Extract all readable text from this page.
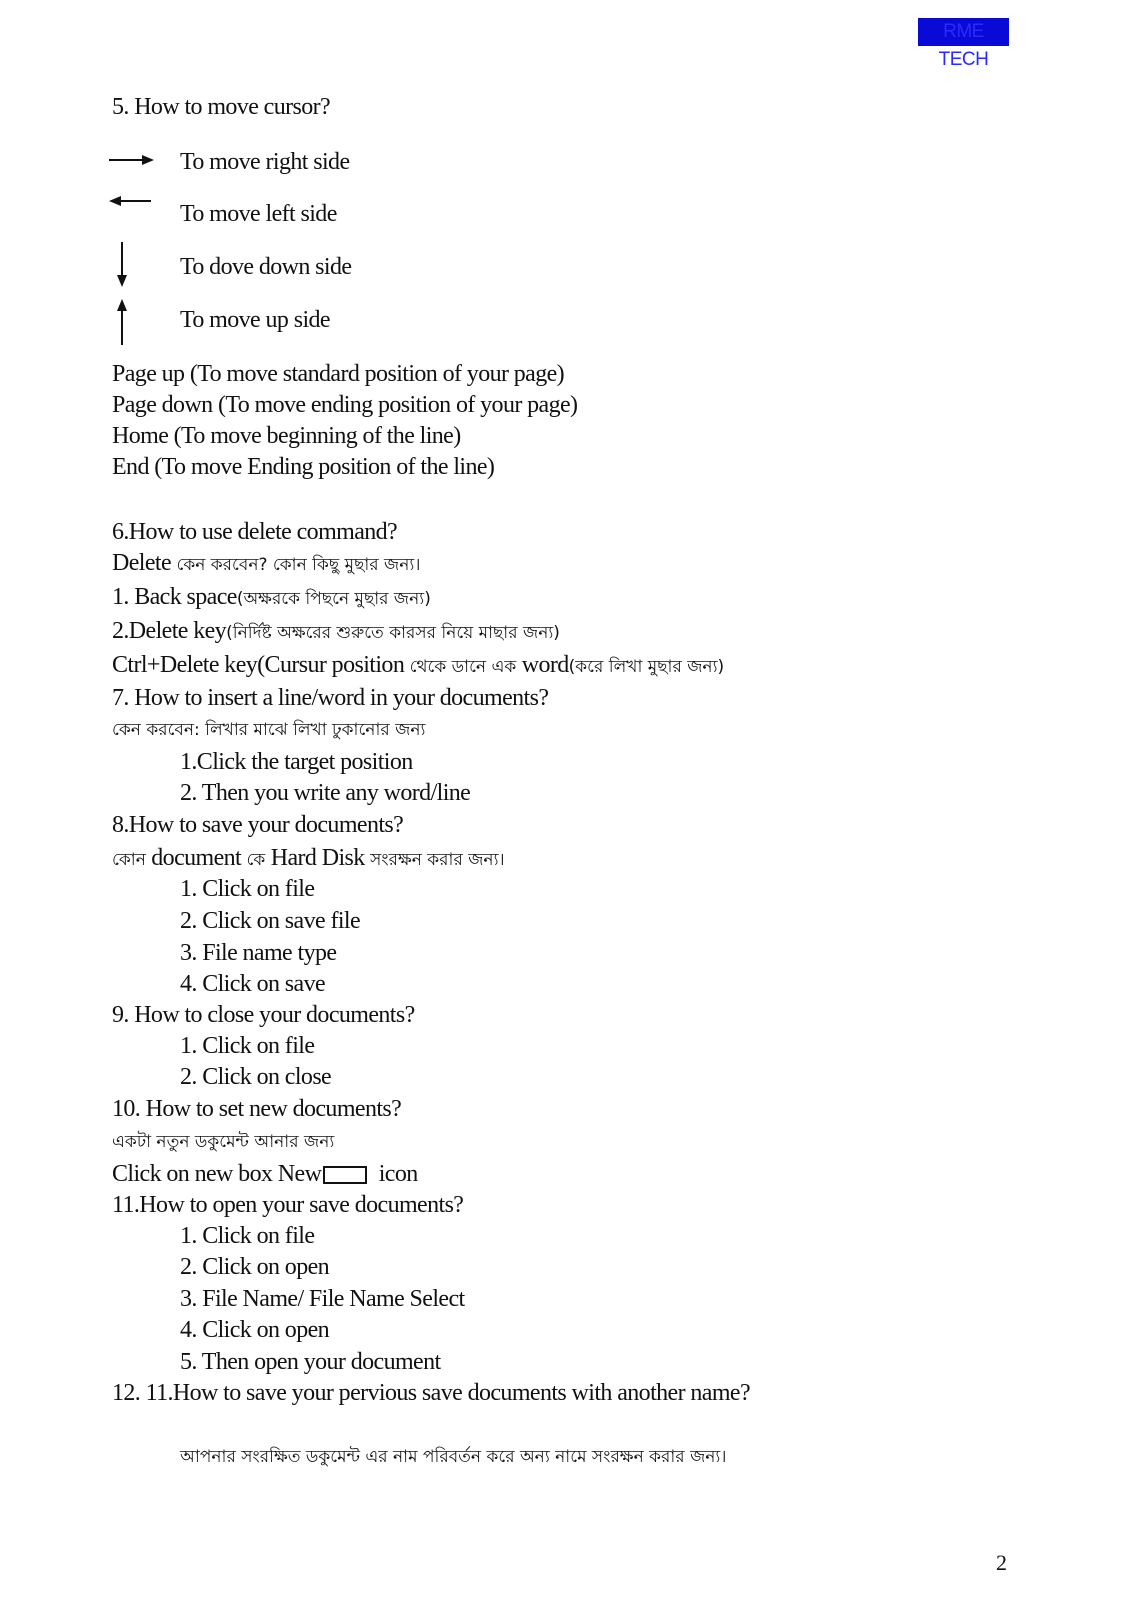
RME TECH
5. How to move cursor?
To move right side
To move left side
To dove down side
To move up side
Page up (To move standard position of your page)
Page down (To move ending position of your page)
Home (To move beginning of the line)
End (To move Ending position of the line)
6.How to use delete command?
Delete কেন করবেন? কোন কিছু মুছার জন্য।
1. Back space(অক্ষরকে পিছনে মুছার জন্য)
2.Delete key(নির্দিষ্ট অক্ষরের শুরুতে কারসর নিয়ে মাছার জন্য)
Ctrl+Delete key(Cursur position থেকে ডানে এক word(করে লিখা মুছার জন্য)
7. How to insert a line/word in your documents?
কেন করবেন: লিখার মাঝে লিখা ঢুকানোর জন্য
1.Click the target position
2. Then you write any word/line
8.How to save your documents?
কোন document কে Hard Disk সংরক্ষন করার জন্য।
1. Click on file
2. Click on save file
3. File name type
4. Click on save
9. How to close your documents?
1. Click on file
2. Click on close
10. How to set new documents?
একটা নতুন ডকুমেন্ট আনার জন্য
Click on new box New icon
11.How to open your save documents?
1. Click on file
2. Click on open
3. File Name/ File Name Select
4. Click on open
5. Then open your document
12. 11.How to save your pervious save documents with another name?
আপনার সংরক্ষিত ডকুমেন্ট এর নাম পরিবর্তন করে অন্য নামে সংরক্ষন করার জন্য।
2
